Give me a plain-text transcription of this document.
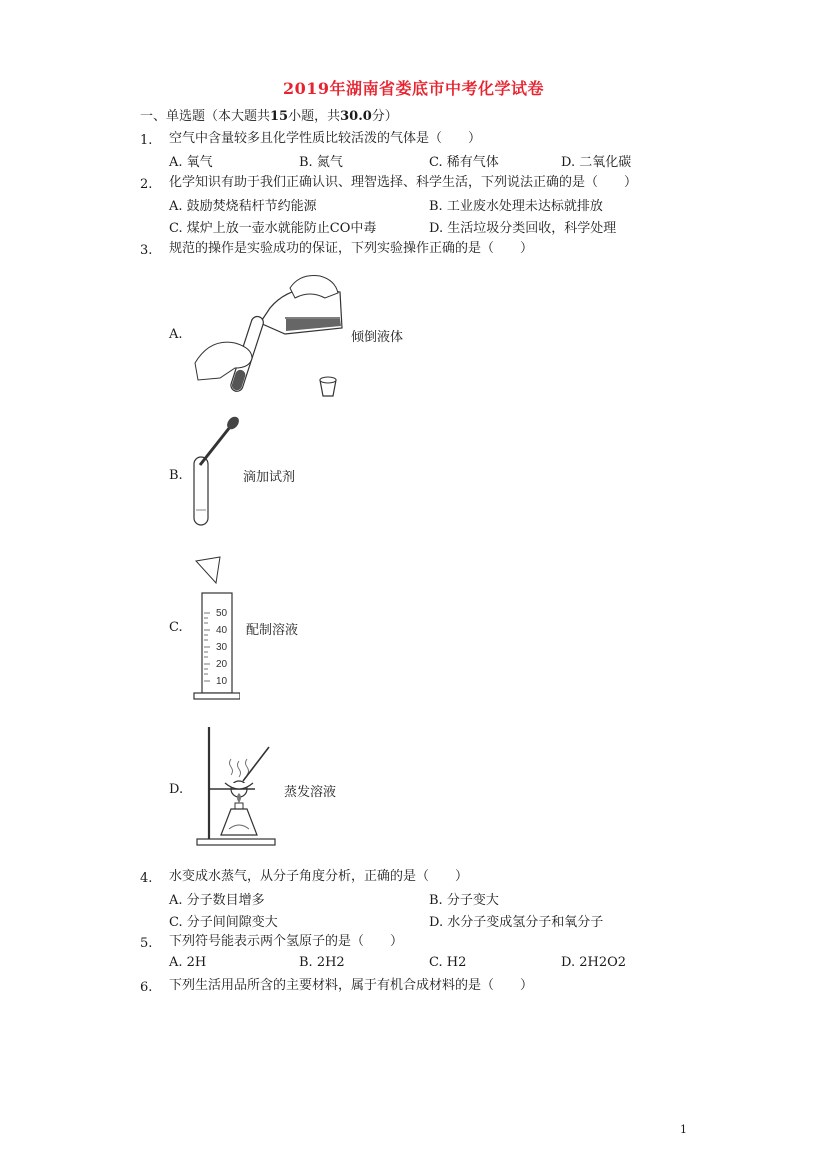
2019年湖南省娄底市中考化学试卷
一、单选题（本大题共15小题，共30.0分）
1. 空气中含量较多且化学性质比较活泼的气体是（　　）
A. 氧气	B. 氮气	C. 稀有气体	D. 二氧化碳
2. 化学知识有助于我们正确认识、理智选择、科学生活，下列说法正确的是（　　）
A. 鼓励焚烧秸杆节约能源	B. 工业废水处理未达标就排放
C. 煤炉上放一壶水就能防止CO中毒	D. 生活垃圾分类回收，科学处理
3. 规范的操作是实验成功的保证，下列实验操作正确的是（　　）
A.	倾倒液体
B.	滴加试剂
C.
50
40
30
20
10
配制溶液
D.	蒸发溶液
4. 水变成水蒸气，从分子角度分析，正确的是（　　）
A. 分子数目增多	B. 分子变大
C. 分子间间隙变大	D. 水分子变成氢分子和氧分子
5. 下列符号能表示两个氢原子的是（　　）
A. 2H	B. 2H2	C. H2	D. 2H2O2
6. 下列生活用品所含的主要材料，属于有机合成材料的是（　　）
1
